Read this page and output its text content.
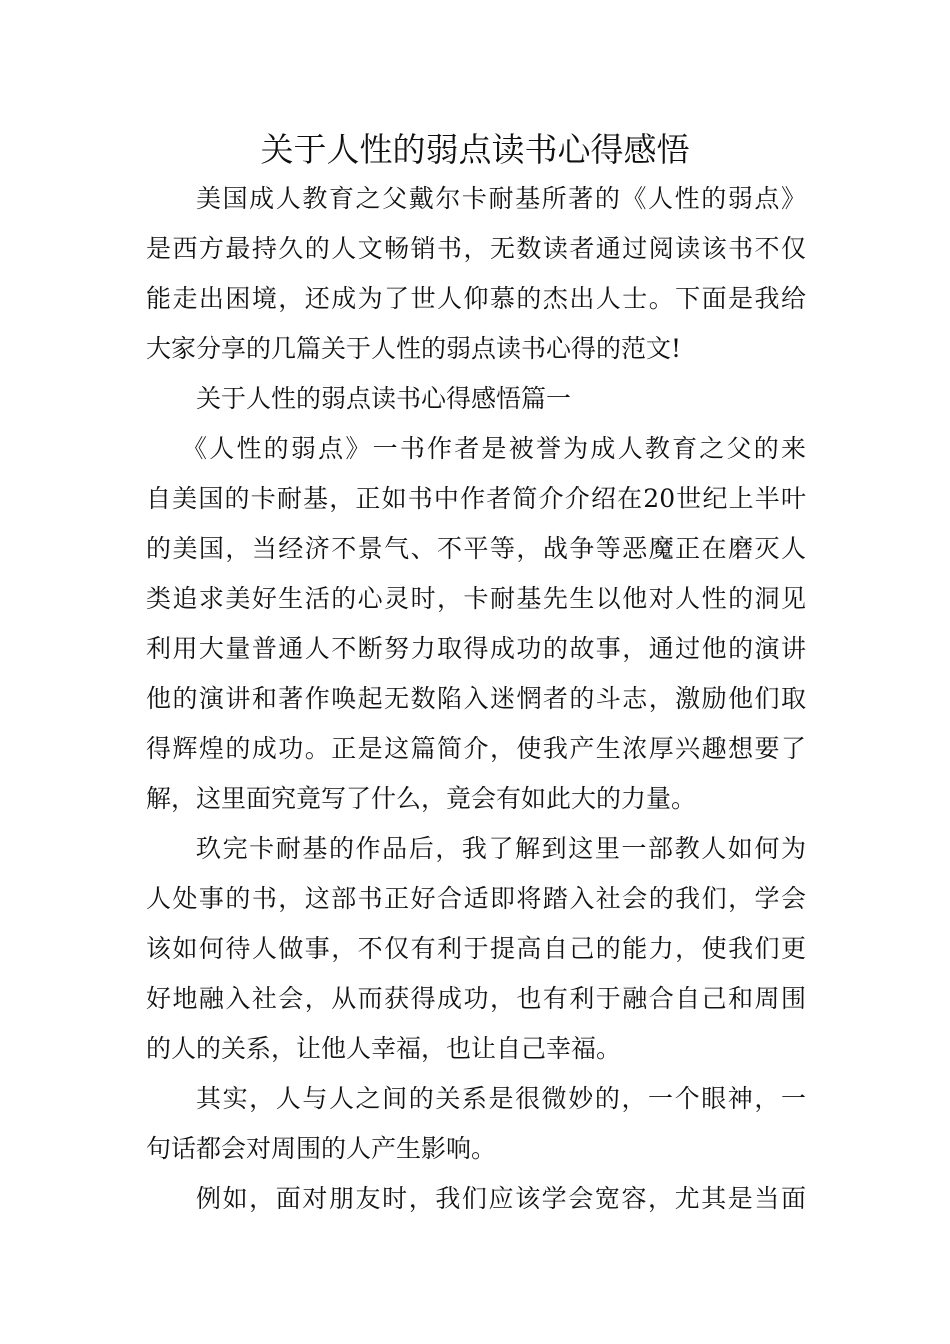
关于人性的弱点读书心得感悟
美国成人教育之父戴尔卡耐基所著的《人性的弱点》
是西方最持久的人文畅销书，无数读者通过阅读该书不仅
能走出困境，还成为了世人仰慕的杰出人士。下面是我给
大家分享的几篇关于人性的弱点读书心得的范文!
关于人性的弱点读书心得感悟篇一
《人性的弱点》一书作者是被誉为成人教育之父的来
自美国的卡耐基，正如书中作者简介介绍在20世纪上半叶
的美国，当经济不景气、不平等，战争等恶魔正在磨灭人
类追求美好生活的心灵时，卡耐基先生以他对人性的洞见
利用大量普通人不断努力取得成功的故事，通过他的演讲
他的演讲和著作唤起无数陷入迷惘者的斗志，激励他们取
得辉煌的成功。正是这篇简介，使我产生浓厚兴趣想要了
解，这里面究竟写了什么，竟会有如此大的力量。
玖完卡耐基的作品后，我了解到这里一部教人如何为
人处事的书，这部书正好合适即将踏入社会的我们，学会
该如何待人做事，不仅有利于提高自己的能力，使我们更
好地融入社会，从而获得成功，也有利于融合自己和周围
的人的关系，让他人幸福，也让自己幸福。
其实，人与人之间的关系是很微妙的，一个眼神，一
句话都会对周围的人产生影响。
例如，面对朋友时，我们应该学会宽容，尤其是当面
